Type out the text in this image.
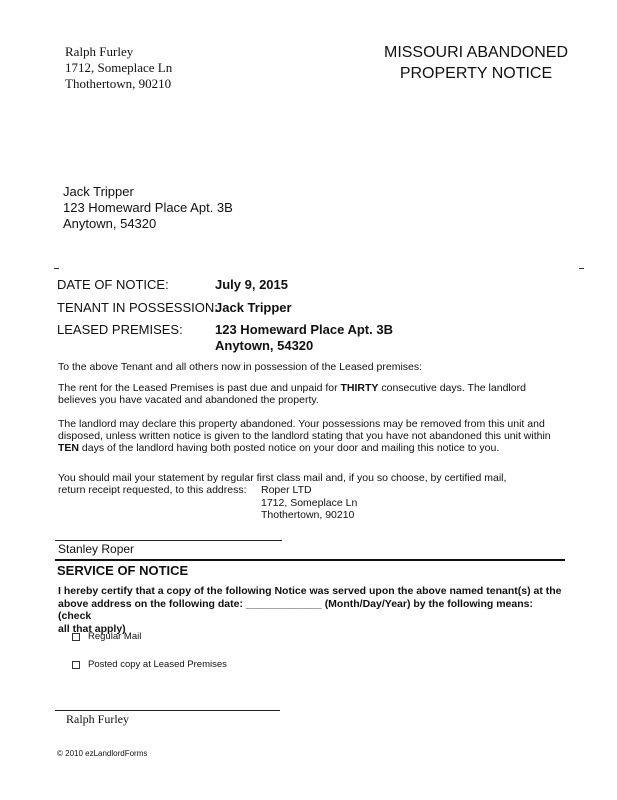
Ralph Furley
1712, Someplace Ln
Thothertown, 90210
MISSOURI ABANDONED
PROPERTY NOTICE
Jack Tripper
123 Homeward Place Apt. 3B
Anytown, 54320
DATE OF NOTICE:	July 9, 2015
TENANT IN POSSESSION:
Jack Tripper
LEASED PREMISES: 123 Homeward Place Apt. 3B
Anytown, 54320
To the above Tenant and all others now in possession of the Leased premises:
The rent for the Leased Premises is past due and unpaid for THIRTY consecutive days. The landlord believes you have vacated and abandoned the property.
The landlord may declare this property abandoned. Your possessions may be removed from this unit and disposed, unless written notice is given to the landlord stating that you have not abandoned this unit within TEN days of the landlord having both posted notice on your door and mailing this notice to you.
You should mail your statement by regular first class mail and, if you so choose, by certified mail,
return receipt requested, to this address:	Roper LTD
1712, Someplace Ln
Thothertown, 90210
Stanley Roper
SERVICE OF NOTICE
I hereby certify that a copy of the following Notice was served upon the above named tenant(s) at the
above address on the following date: _____________ (Month/Day/Year) by the following means: (check
all that apply)
Regular Mail
Posted copy at Leased Premises
Ralph Furley
© 2010 ezLandlordForms
